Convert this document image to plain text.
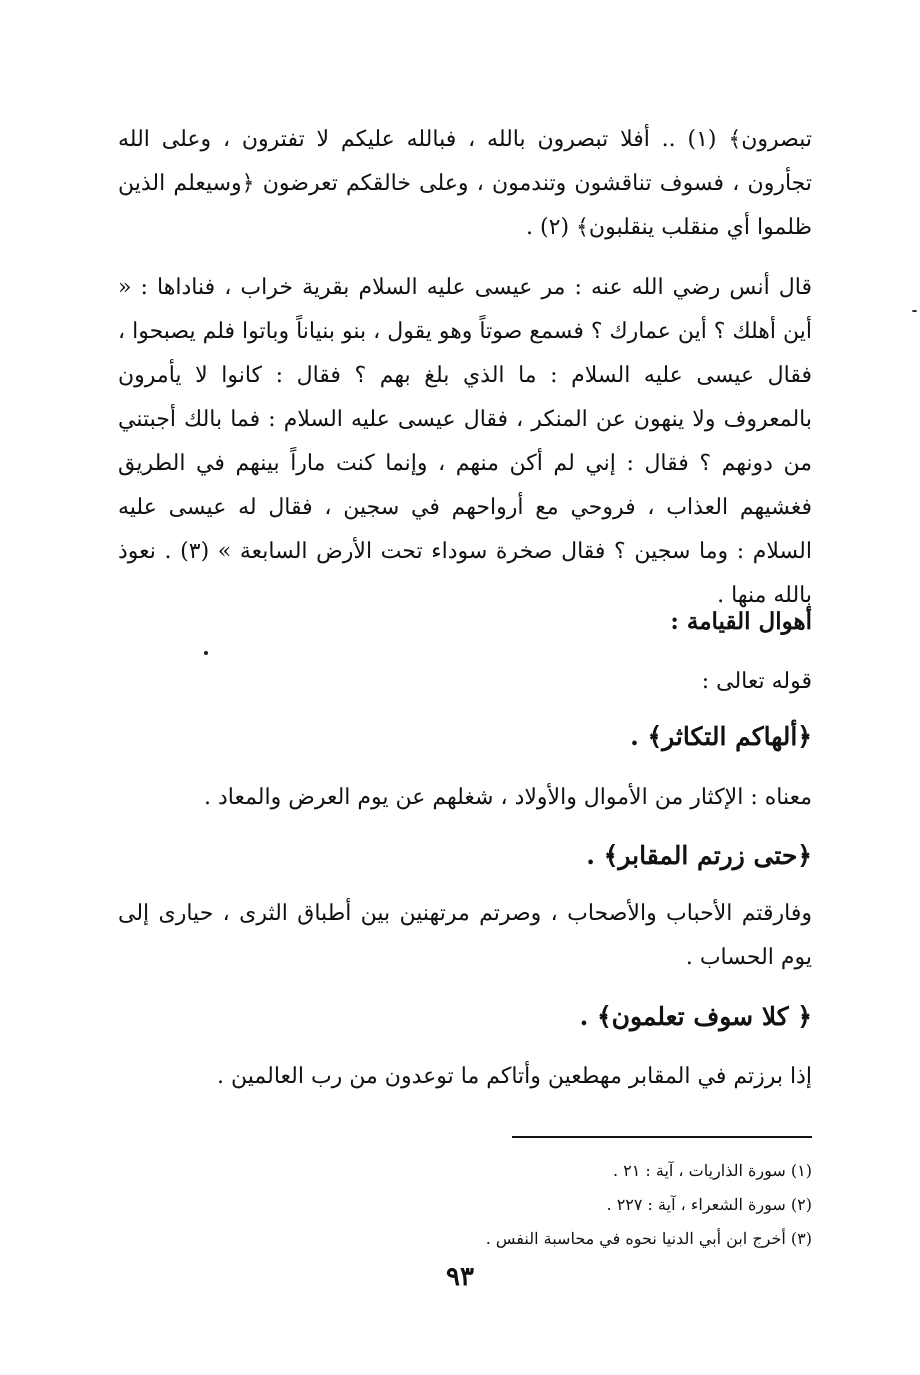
تبصرون﴾ (١) .. أفلا تبصرون بالله ، فبالله عليكم لا تفترون ، وعلى الله تجأرون ، فسوف تناقشون وتندمون ، وعلى خالقكم تعرضون ﴿وسيعلم الذين ظلموا أي منقلب ينقلبون﴾ (٢) .
قال أنس رضي الله عنه : مر عيسى عليه السلام بقرية خراب ، فناداها : « أين أهلك ؟ أين عمارك ؟ فسمع صوتاً وهو يقول ، بنو بنياناً وباتوا فلم يصبحوا ، فقال عيسى عليه السلام : ما الذي بلغ بهم ؟ فقال : كانوا لا يأمرون بالمعروف ولا ينهون عن المنكر ، فقال عيسى عليه السلام : فما بالك أجبتني من دونهم ؟ فقال : إني لم أكن منهم ، وإنما كنت ماراً بينهم في الطريق فغشيهم العذاب ، فروحي مع أرواحهم في سجين ، فقال له عيسى عليه السلام : وما سجين ؟ فقال صخرة سوداء تحت الأرض السابعة » (٣) . نعوذ بالله منها .
أهوال القيامة :
قوله تعالى :
﴿ألهاكم التكاثر﴾ .
معناه : الإكثار من الأموال والأولاد ، شغلهم عن يوم العرض والمعاد .
﴿حتى زرتم المقابر﴾ .
وفارقتم الأحباب والأصحاب ، وصرتم مرتهنين بين أطباق الثرى ، حيارى إلى يوم الحساب .
﴿ كلا سوف تعلمون﴾ .
إذا برزتم في المقابر مهطعين وأتاكم ما توعدون من رب العالمين .
(١) سورة الذاريات ، آية : ٢١ .
(٢) سورة الشعراء ، آية : ٢٢٧ .
(٣) أخرج ابن أبي الدنيا نحوه في محاسبة النفس .
٩٣
